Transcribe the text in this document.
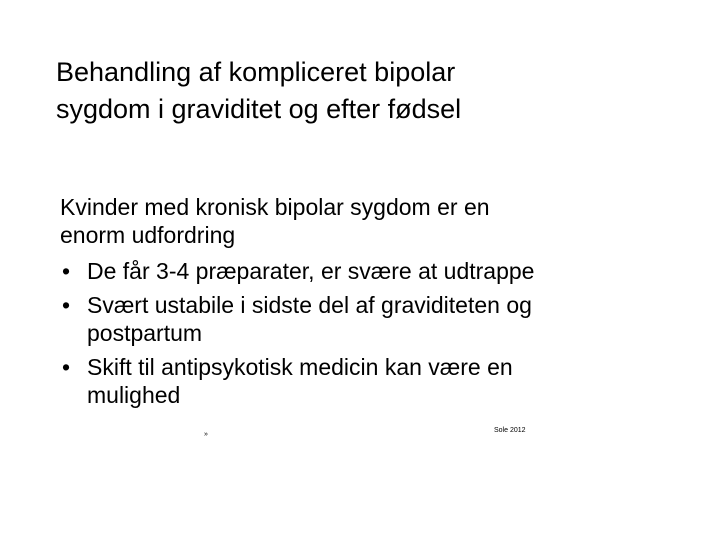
Behandling af kompliceret bipolar
sygdom i graviditet og efter fødsel
Kvinder med kronisk bipolar sygdom er en
enorm udfordring
• De får 3-4 præparater, er svære at udtrappe
• Svært ustabile i sidste del af graviditeten og
postpartum
• Skift til antipsykotisk medicin kan være en
mulighed
»
Sole 2012
